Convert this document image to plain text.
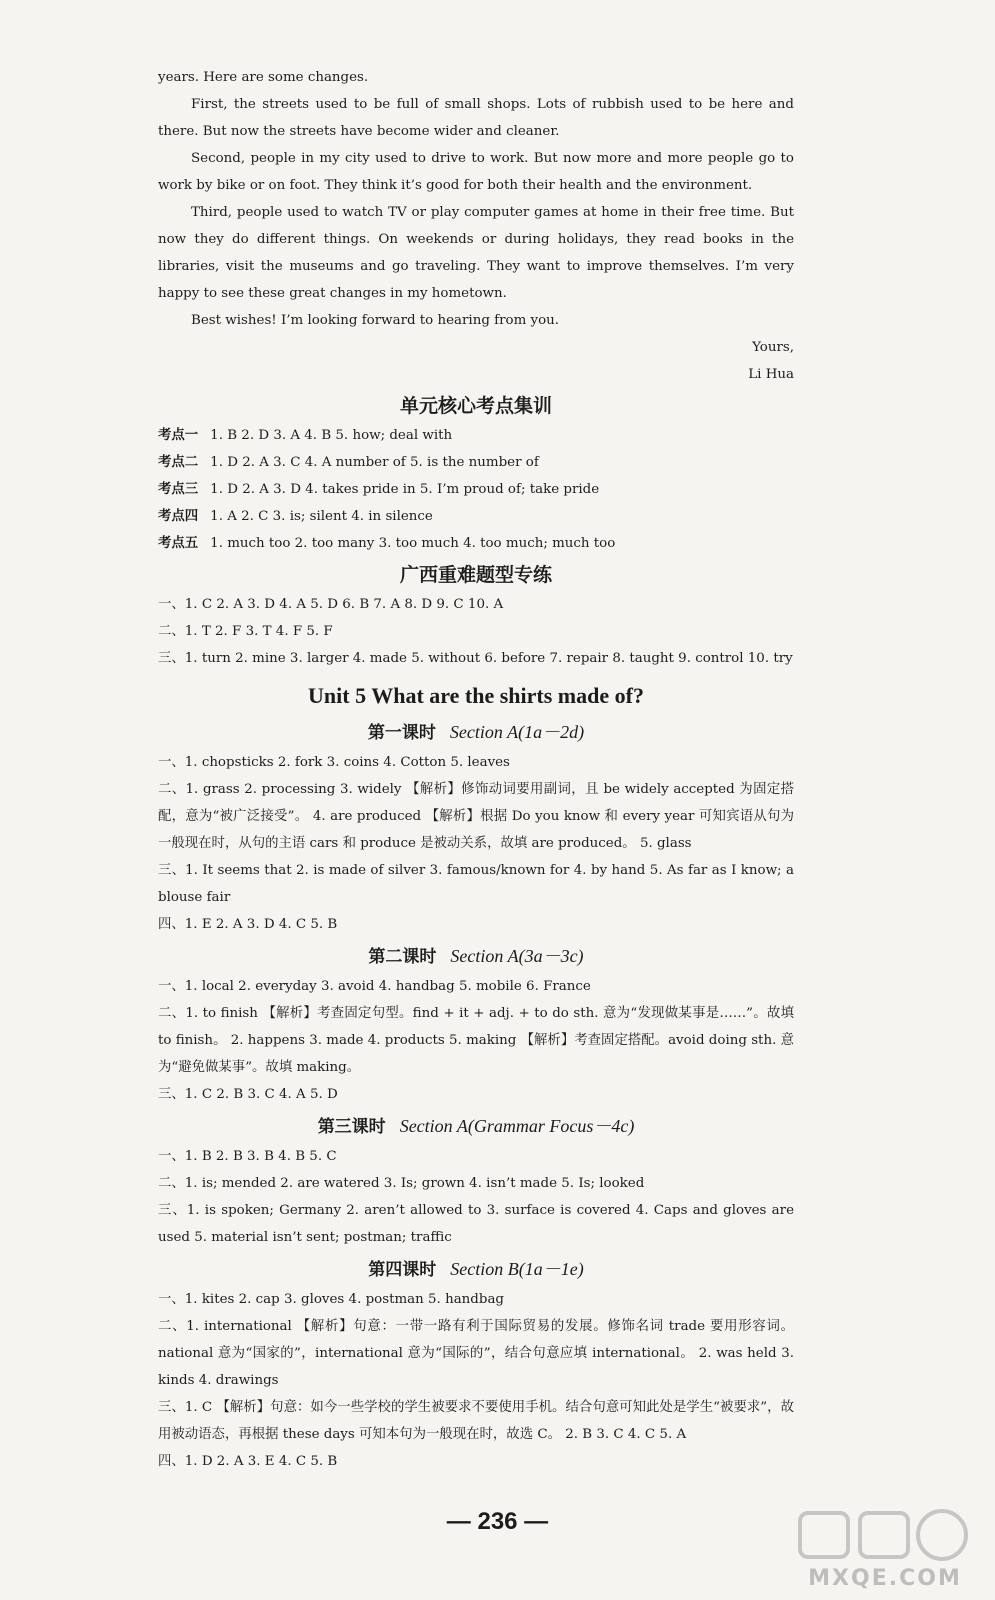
years. Here are some changes.

First, the streets used to be full of small shops. Lots of rubbish used to be here and there. But now the streets have become wider and cleaner.

Second, people in my city used to drive to work. But now more and more people go to work by bike or on foot. They think it’s good for both their health and the environment.

Third, people used to watch TV or play computer games at home in their free time. But now they do different things. On weekends or during holidays, they read books in the libraries, visit the museums and go traveling. They want to improve themselves. I’m very happy to see these great changes in my hometown.

Best wishes! I’m looking forward to hearing from you.

Yours,

Li Hua

单元核心考点集训

考点一 1. B 2. D 3. A 4. B 5. how; deal with

考点二 1. D 2. A 3. C 4. A number of 5. is the number of

考点三 1. D 2. A 3. D 4. takes pride in 5. I’m proud of; take pride

考点四 1. A 2. C 3. is; silent 4. in silence

考点五 1. much too 2. too many 3. too much 4. too much; much too

广西重难题型专练

一、1. C 2. A 3. D 4. A 5. D 6. B 7. A 8. D 9. C 10. A

二、1. T 2. F 3. T 4. F 5. F

三、1. turn 2. mine 3. larger 4. made 5. without 6. before 7. repair 8. taught 9. control 10. try

Unit 5 What are the shirts made of?
第一课时 Section A(1a－2d)

一、1. chopsticks 2. fork 3. coins 4. Cotton 5. leaves

二、1. grass 2. processing 3. widely 【解析】修饰动词要用副词，且 be widely accepted 为固定搭配，意为“被广泛接受”。 4. are produced 【解析】根据 Do you know 和 every year 可知宾语从句为一般现在时，从句的主语 cars 和 produce 是被动关系，故填 are produced。 5. glass

三、1. It seems that 2. is made of silver 3. famous/known for 4. by hand 5. As far as I know; a blouse fair

四、1. E 2. A 3. D 4. C 5. B

第二课时 Section A(3a－3c)

一、1. local 2. everyday 3. avoid 4. handbag 5. mobile 6. France

二、1. to finish 【解析】考查固定句型。find + it + adj. + to do sth. 意为“发现做某事是……”。故填 to finish。 2. happens 3. made 4. products 5. making 【解析】考查固定搭配。avoid doing sth. 意为“避免做某事”。故填 making。

三、1. C 2. B 3. C 4. A 5. D

第三课时 Section A(Grammar Focus－4c)

一、1. B 2. B 3. B 4. B 5. C

二、1. is; mended 2. are watered 3. Is; grown 4. isn’t made 5. Is; looked

三、1. is spoken; Germany 2. aren’t allowed to 3. surface is covered 4. Caps and gloves are used 5. material isn’t sent; postman; traffic

第四课时 Section B(1a－1e)

一、1. kites 2. cap 3. gloves 4. postman 5. handbag

二、1. international 【解析】句意：一带一路有利于国际贸易的发展。修饰名词 trade 要用形容词。national 意为“国家的”，international 意为“国际的”，结合句意应填 international。 2. was held 3. kinds 4. drawings

三、1. C 【解析】句意：如今一些学校的学生被要求不要使用手机。结合句意可知此处是学生“被要求”，故用被动语态，再根据 these days 可知本句为一般现在时，故选 C。 2. B 3. C 4. C 5. A

四、1. D 2. A 3. E 4. C 5. B

— 236 —
MXQE.COM
